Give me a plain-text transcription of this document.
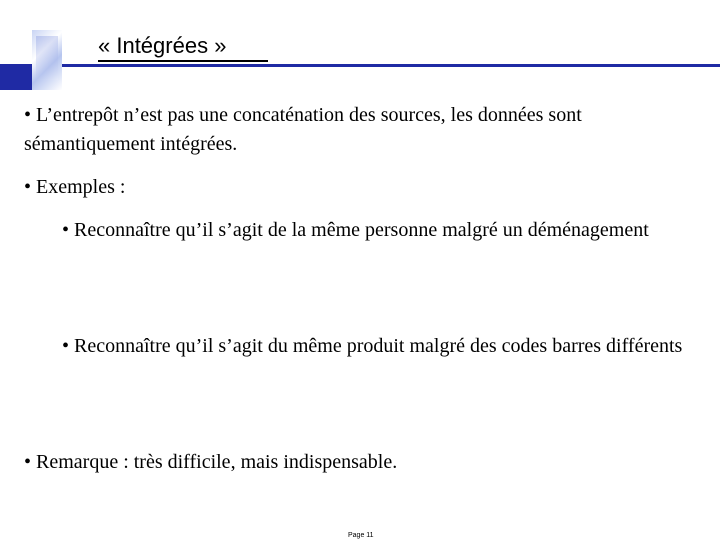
« Intégrées »

• L’entrepôt n’est pas une concaténation des sources, les données sont sémantiquement intégrées.

• Exemples :

• Reconnaître qu’il s’agit de la même personne malgré un déménagement

• Reconnaître qu’il s’agit du même produit malgré des codes barres différents

• Remarque : très difficile, mais indispensable.

Page 11
